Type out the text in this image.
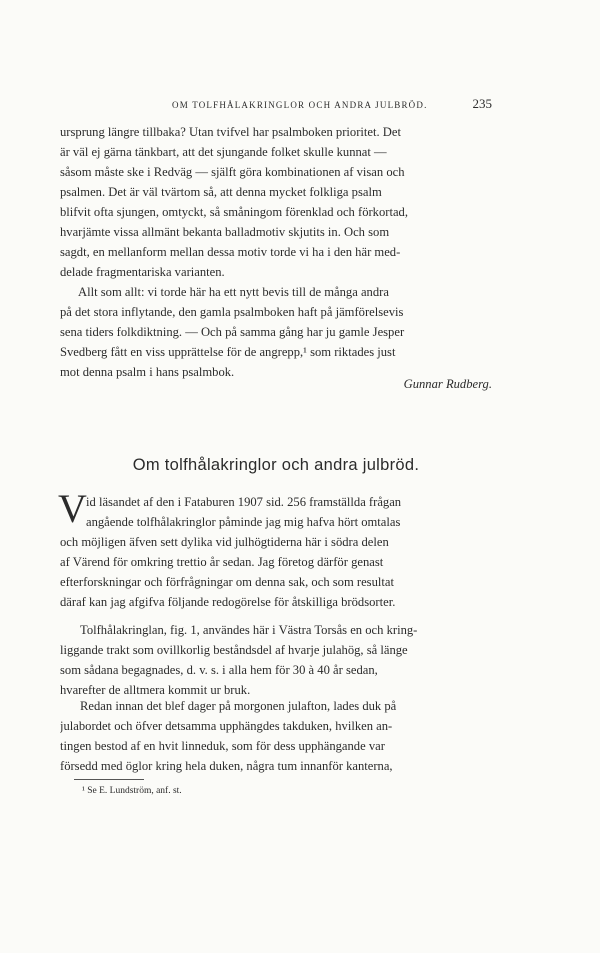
OM TOLFHÅLAKRINGLOR OCH ANDRA JULBRÖD.	235
ursprung längre tillbaka? Utan tvifvel har psalmboken prioritet. Det
är väl ej gärna tänkbart, att det sjungande folket skulle kunnat —
såsom måste ske i Redväg — själft göra kombinationen af visan och
psalmen. Det är väl tvärtom så, att denna mycket folkliga psalm
blifvit ofta sjungen, omtyckt, så småningom förenklad och förkortad,
hvarjämte vissa allmänt bekanta balladmotiv skjutits in. Och som
sagdt, en mellanform mellan dessa motiv torde vi ha i den här med-
delade fragmentariska varianten.
Allt som allt: vi torde här ha ett nytt bevis till de många andra
på det stora inflytande, den gamla psalmboken haft på jämförelsevis
sena tiders folkdiktning. — Och på samma gång har ju gamle Jesper
Svedberg fått en viss upprättelse för de angrepp,¹ som riktades just
mot denna psalm i hans psalmbok.
Gunnar Rudberg.
Om tolfhålakringlor och andra julbröd.
V id läsandet af den i Fataburen 1907 sid. 256 framställda frågan
angående tolfhålakringlor påminde jag mig hafva hört omtalas
och möjligen äfven sett dylika vid julhögtiderna här i södra delen
af Värend för omkring trettio år sedan. Jag företog därför genast
efterforskningar och förfrågningar om denna sak, och som resultat
däraf kan jag afgifva följande redogörelse för åtskilliga brödsorter.
Tolfhålakringlan, fig. 1, användes här i Västra Torsås en och kring-
liggande trakt som ovillkorlig beståndsdel af hvarje julahög, så länge
som sådana begagnades, d. v. s. i alla hem för 30 à 40 år sedan,
hvarefter de alltmera kommit ur bruk.
Redan innan det blef dager på morgonen julafton, lades duk på
julabordet och öfver detsamma upphängdes takduken, hvilken an-
tingen bestod af en hvit linneduk, som för dess upphängande var
försedd med öglor kring hela duken, några tum innanför kanterna,
¹ Se E. Lundström, anf. st.
